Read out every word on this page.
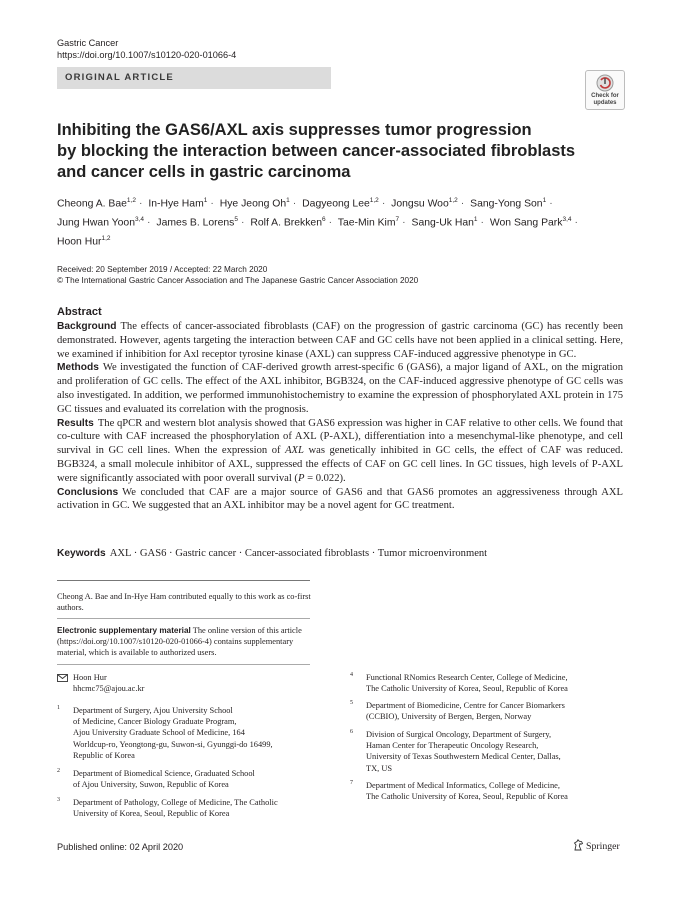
Gastric Cancer
https://doi.org/10.1007/s10120-020-01066-4
ORIGINAL ARTICLE
Check for
updates
Inhibiting the GAS6/AXL axis suppresses tumor progression
by blocking the interaction between cancer-associated fibroblasts
and cancer cells in gastric carcinoma
Cheong A. Bae$^{1,2}$ · In-Hye Ham$^1$ · Hye Jeong $Oh^1$ · Dagyeong Lee$^{1,2}$ · Jongsu Woo$^{1,2}$ · Sang-Yong Son$^1$ ·
Jung Hwan Yoon$^{3,4}$ · James B. Lorens$^5$ · Rolf A. Brekken$^6$ · Tae-Min Kim$^7$ · Sang-Uk Han$^1$ · Won Sang Park$^{3,4}$ ·
Hoon Hur$^{1,2}$
Received: 20 September 2019 / Accepted: 22 March 2020
© The International Gastric Cancer Association and The Japanese Gastric Cancer Association 2020
Abstract

Background The effects of cancer-associated fibroblasts (CAF) on the progression of gastric carcinoma (GC) has recently been demonstrated. However, agents targeting the interaction between CAF and GC cells have not been applied in a clinical setting. Here, we examined if inhibition for Axl receptor tyrosine kinase (AXL) can suppress CAF-induced aggressive phenotype in GC.

Methods We investigated the function of CAF-derived growth arrest-specific 6 (GAS6), a major ligand of AXL, on the migration and proliferation of GC cells. The effect of the AXL inhibitor, BGB324, on the CAF-induced aggressive phenotype of GC cells was also investigated. In addition, we performed immunohistochemistry to examine the expression of phosphorylated AXL protein in 175 GC tissues and evaluated its correlation with the prognosis.

Results The qPCR and western blot analysis showed that GAS6 expression was higher in CAF relative to other cells. We found that co-culture with CAF increased the phosphorylation of AXL (P-AXL), differentiation into a mesenchymal-like phenotype, and cell survival in GC cell lines. When the expression of AXL was genetically inhibited in GC cells, the effect of CAF was reduced. BGB324, a small molecule inhibitor of AXL, suppressed the effects of CAF on GC cell lines. In GC tissues, high levels of P-AXL were significantly associated with poor overall survival (P = 0.022).

Conclusions We concluded that CAF are a major source of GAS6 and that GAS6 promotes an aggressiveness through AXL activation in GC. We suggested that an AXL inhibitor may be a novel agent for GC treatment.

Keywords AXL · GAS6 · Gastric cancer · Cancer-associated fibroblasts · Tumor microenvironment
Cheong A. Bae and In-Hye Ham contributed equally to this work as co-first authors.
Electronic supplementary material The online version of this article (https://doi.org/10.1007/s10120-020-01066-4) contains supplementary material, which is available to authorized users.
Hoon Hur
hhcmc75@ajou.ac.kr
1 Department of Surgery, Ajou University School
of Medicine, Cancer Biology Graduate Program,
Ajou University Graduate School of Medicine, 164
Worldcup-ro, Yeongtong-gu, Suwon-si, Gyunggi-do 16499,
Republic of Korea
2 Department of Biomedical Science, Graduated School
of Ajou University, Suwon, Republic of Korea
3 Department of Pathology, College of Medicine, The Catholic
University of Korea, Seoul, Republic of Korea
4 Functional RNomics Research Center, College of Medicine,
The Catholic University of Korea, Seoul, Republic of Korea
5 Department of Biomedicine, Centre for Cancer Biomarkers
(CCBIO), University of Bergen, Bergen, Norway
6 Division of Surgical Oncology, Department of Surgery,
Haman Center for Therapeutic Oncology Research,
University of Texas Southwestern Medical Center, Dallas,
TX, US
7 Department of Medical Informatics, College of Medicine,
The Catholic University of Korea, Seoul, Republic of Korea
Published online: 02 April 2020	Springer
